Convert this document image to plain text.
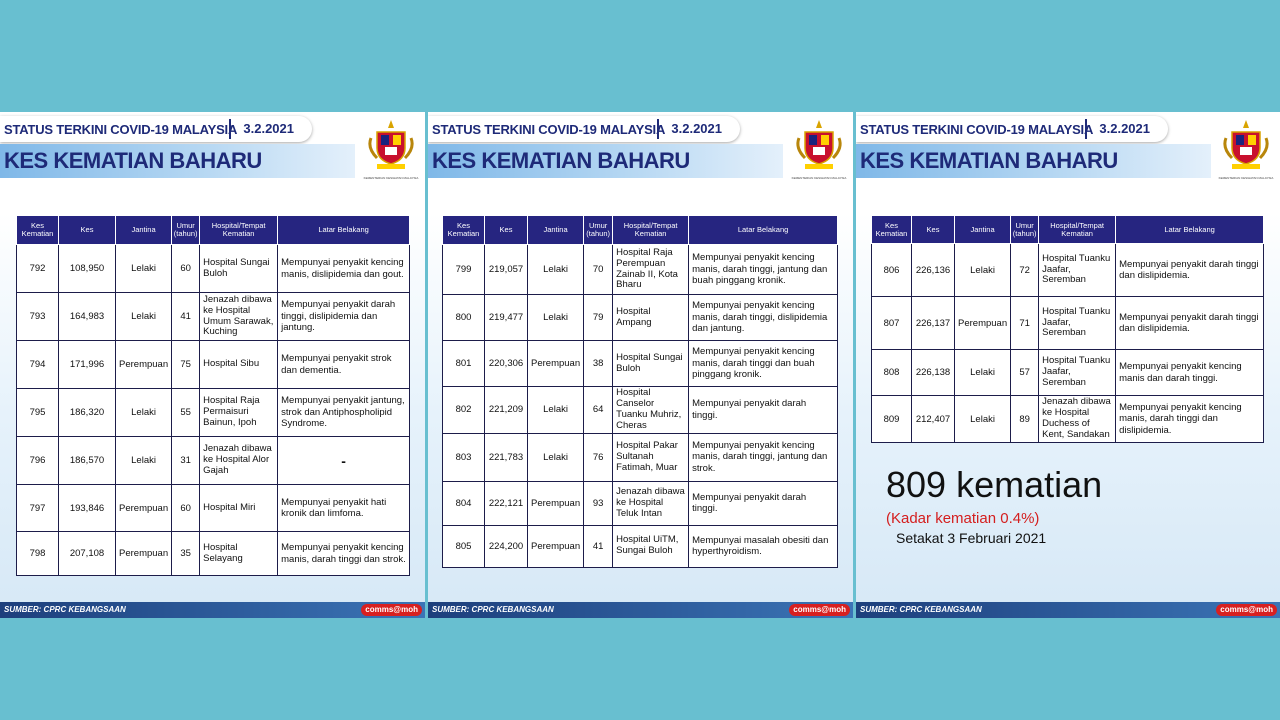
STATUS TERKINI COVID-19 MALAYSIA 3.2.2021
KES KEMATIAN BAHARU
KEMENTERIAN KESIHATAN MALAYSIA
Kes Kematian	Kes	Jantina	Umur (tahun)	Hospital/Tempat Kematian	Latar Belakang
792	108,950	Lelaki	60	Hospital Sungai Buloh	Mempunyai penyakit kencing manis, dislipidemia dan gout.
793	164,983	Lelaki	41	Jenazah dibawa ke Hospital Umum Sarawak, Kuching	Mempunyai penyakit darah tinggi, dislipidemia dan jantung.
794	171,996	Perempuan	75	Hospital Sibu	Mempunyai penyakit strok dan dementia.
795	186,320	Lelaki	55	Hospital Raja Permaisuri Bainun, Ipoh	Mempunyai penyakit jantung, strok dan Antiphospholipid Syndrome.
796	186,570	Lelaki	31	Jenazah dibawa ke Hospital Alor Gajah	-
797	193,846	Perempuan	60	Hospital Miri	Mempunyai penyakit hati kronik dan limfoma.
798	207,108	Perempuan	35	Hospital Selayang	Mempunyai penyakit kencing manis, darah tinggi dan strok.
SUMBER: CPRC KEBANGSAAN	comms@moh
STATUS TERKINI COVID-19 MALAYSIA 3.2.2021
KES KEMATIAN BAHARU
KEMENTERIAN KESIHATAN MALAYSIA
Kes Kematian	Kes	Jantina	Umur (tahun)	Hospital/Tempat Kematian	Latar Belakang
799	219,057	Lelaki	70	Hospital Raja Perempuan Zainab II, Kota Bharu	Mempunyai penyakit kencing manis, darah tinggi, jantung dan buah pinggang kronik.
800	219,477	Lelaki	79	Hospital Ampang	Mempunyai penyakit kencing manis, darah tinggi, dislipidemia dan jantung.
801	220,306	Perempuan	38	Hospital Sungai Buloh	Mempunyai penyakit kencing manis, darah tinggi dan buah pinggang kronik.
802	221,209	Lelaki	64	Hospital Canselor Tuanku Muhriz, Cheras	Mempunyai penyakit darah tinggi.
803	221,783	Lelaki	76	Hospital Pakar Sultanah Fatimah, Muar	Mempunyai penyakit kencing manis, darah tinggi, jantung dan strok.
804	222,121	Perempuan	93	Jenazah dibawa ke Hospital Teluk Intan	Mempunyai penyakit darah tinggi.
805	224,200	Perempuan	41	Hospital UiTM, Sungai Buloh	Mempunyai masalah obesiti dan hyperthyroidism.
SUMBER: CPRC KEBANGSAAN	comms@moh
STATUS TERKINI COVID-19 MALAYSIA 3.2.2021
KES KEMATIAN BAHARU
KEMENTERIAN KESIHATAN MALAYSIA
Kes Kematian	Kes	Jantina	Umur (tahun)	Hospital/Tempat Kematian	Latar Belakang
806	226,136	Lelaki	72	Hospital Tuanku Jaafar, Seremban	Mempunyai penyakit darah tinggi dan dislipidemia.
807	226,137	Perempuan	71	Hospital Tuanku Jaafar, Seremban	Mempunyai penyakit darah tinggi dan dislipidemia.
808	226,138	Lelaki	57	Hospital Tuanku Jaafar, Seremban	Mempunyai penyakit kencing manis dan darah tinggi.
809	212,407	Lelaki	89	Jenazah dibawa ke Hospital Duchess of Kent, Sandakan	Mempunyai penyakit kencing manis, darah tinggi dan dislipidemia.
809 kematian
(Kadar kematian 0.4%)
Setakat 3 Februari 2021
SUMBER: CPRC KEBANGSAAN	comms@moh
